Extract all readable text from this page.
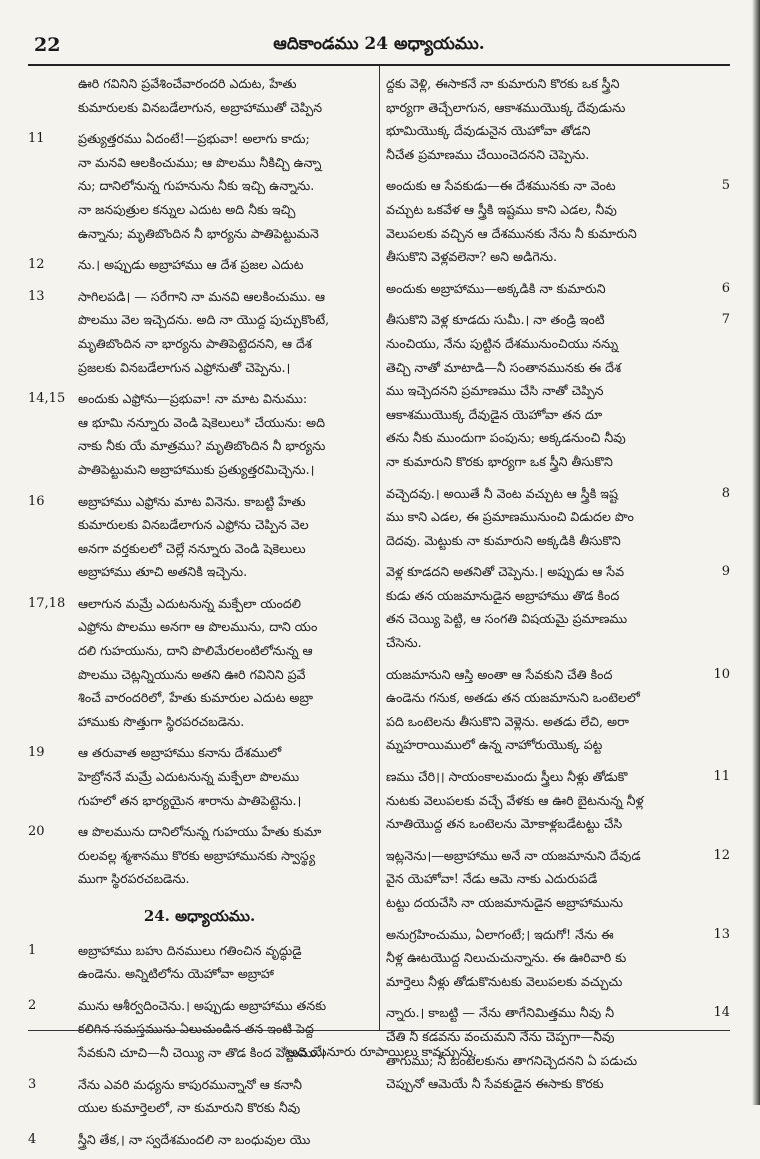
22	ఆదికాండము 24 అధ్యాయము.
ఊరి గవినిని ప్రవేశించేవారందరి ఎదుట, హేతు
కుమారులకు వినబడేలాగున, అబ్రాహాముతో చెప్పిన
11	ప్రత్యుత్తరము ఏదంటే!—ప్రభువా! అలాగు కాదు;
నా మనవి ఆలకించుము; ఆ పొలము నీకిచ్చి ఉన్నా
ను; దానిలోనున్న గుహనును నీకు ఇచ్చి ఉన్నాను.
నా జనపుత్రుల కన్నుల ఎదుట అది నీకు ఇచ్చి
ఉన్నాను; మృతిబొందిన నీ భార్యను పాతిపెట్టుమనె
12	ను.। అప్పుడు అబ్రాహాము ఆ దేశ ప్రజల ఎదుట
13	సాగిలపడి। — సరేగాని నా మనవి ఆలకించుము. ఆ
పొలము వెల ఇచ్చెదను. అది నా యొద్ద పుచ్చుకొంటే,
మృతిబొందిన నా భార్యను పాతిపెట్టెదనని, ఆ దేశ
ప్రజలకు వినబడేలాగున ఎఫ్రోనుతో చెప్పెను.।
14,15	అందుకు ఎఫ్రోను—ప్రభువా! నా మాట వినుము:
ఆ భూమి నన్నూరు వెండి షెకెలులు* చేయును: అది
నాకు నీకు యే మాత్రము? మృతిబొందిన నీ భార్యను
పాతిపెట్టుమని అబ్రాహాముకు ప్రత్యుత్తరమిచ్చెను.।
16	అబ్రాహాము ఎఫ్రోను మాట వినెను. కాబట్టి హేతు
కుమారులకు వినబడేలాగున ఎఫ్రోను చెప్పిన వెల
అనగా వర్తకులలో చెల్లే నన్నూరు వెండి షెకెలులు
అబ్రాహాము తూచి అతనికి ఇచ్చెను.
17,18	ఆలాగున మమ్రే ఎదుటనున్న మక్పేలా యందలి
ఎఫ్రోను పొలము అనగా ఆ పొలమును, దాని యం
దలి గుహయును, దాని పొలిమేరలంటిలోనున్న ఆ
పొలము చెట్లన్నియును అతని ఊరి గవినిని ప్రవే
శించే వారందరిలో, హేతు కుమారుల ఎదుట అబ్రా
హాముకు సొత్తుగా స్థిరపరచబడెను.
19	ఆ తరువాత అబ్రాహాము కనాను దేశములో
హెబ్రోననే మమ్రే ఎదుటనున్న మక్పేలా పొలము
గుహలో తన భార్యయైన శారాను పాతిపెట్టెను.।
20	ఆ పొలమును దానిలోనున్న గుహయు హేతు కుమా
రులవల్ల శ్మశానము కొరకు అబ్రాహామునకు స్వాస్థ్య
ముగా స్థిరపరచబడెను.
24. అధ్యాయము.
1	అబ్రాహాము బహు దినములు గతించిన వృద్ధుడై
ఉండెను. అన్నిటిలోను యెహోవా అబ్రాహా
2	మును ఆశీర్వదించెను.। అప్పుడు అబ్రాహాము తనకు
కలిగిన సమస్తమును ఏలుచుండిన తన ఇంటి పెద్ద
సేవకుని చూచి—నీ చెయ్యి నా తొడ కింద పెట్టుము.।
3	నేను ఎవరి మధ్యను కాపురమున్నానో ఆ కనానీ
యుల కుమార్తెలలో, నా కుమారుని కొరకు నీవు
4	స్త్రీని తేక,। నా స్వదేశమందలి నా బంధువుల యొ
ద్దకు వెళ్లి, ఈసాకనే నా కుమారుని కొరకు ఒక స్త్రీని
భార్యగా తెచ్చేలాగున, ఆకాశముయొక్క దేవుడును
భూమియొక్క దేవుడునైన యెహోవా తోడని
నీచేత ప్రమాణము చేయించెదనని చెప్పెను.
5
అందుకు ఆ సేవకుడు—ఈ దేశమునకు నా వెంట
వచ్చుట ఒకవేళ ఆ స్త్రీకి ఇష్టము కాని ఎడల, నీవు
వెలుపలకు వచ్చిన ఆ దేశమునకు నేను నీ కుమారుని
తీసుకొని వెళ్లవలెనా? అని అడిగెను.
6
అందుకు అబ్రాహాము—అక్కడికి నా కుమారుని
7
తీసుకొని వెళ్ల కూడదు సుమీ.। నా తండ్రి ఇంటి
నుంచియు, నేను పుట్టిన దేశమునుంచియు నన్ను
తెచ్చి నాతో మాటాడి—నీ సంతానమునకు ఈ దేశ
ము ఇచ్చెదనని ప్రమాణము చేసి నాతో చెప్పిన
ఆకాశముయొక్క దేవుడైన యెహోవా తన దూ
తను నీకు ముందుగా పంపును; అక్కడనుంచి నీవు
నా కుమారుని కొరకు భార్యగా ఒక స్త్రీని తీసుకొని
8
వచ్చెదవు.। అయితే నీ వెంట వచ్చుట ఆ స్త్రీకి ఇష్ట
ము కాని ఎడల, ఈ ప్రమాణమునుంచి విడుదల పొం
దెదవు. మెట్టుకు నా కుమారుని అక్కడికి తీసుకొని
9
వెళ్ల కూడదని అతనితో చెప్పెను.। అప్పుడు ఆ సేవ
కుడు తన యజమానుడైన అబ్రాహాము తొడ కింద
తన చెయ్యి పెట్టి, ఆ సంగతి విషయమై ప్రమాణము
చేసెను.
10
యజమానుని ఆస్తి అంతా ఆ సేవకుని చేతి కింద
ఉండెను గనుక, అతడు తన యజమానుని ఒంటెలలో
పది ఒంటెలను తీసుకొని వెళ్లెను. అతడు లేచి, అరా
మ్నహరాయిములో ఉన్న నాహోరుయొక్క పట్ట
11
ణము చేరి।। సాయంకాలమందు స్త్రీలు నీళ్లు తోడుకొ
నుటకు వెలుపలకు వచ్చే వేళకు ఆ ఊరి బైటనున్న నీళ్ల
నూతియొద్ద తన ఒంటెలను మోకాళ్లబడేటట్టు చేసి
12
ఇట్లనెను।—అబ్రాహాము అనే నా యజమానుని దేవుడ
వైన యెహోవా! నేడు ఆమె నాకు ఎదురుపడే
టట్టు దయచేసి నా యజమానుడైన అబ్రాహామును
13
అనుగ్రహించుము, ఏలాగంటే;। ఇదుగో! నేను ఈ
నీళ్ల ఊటయొద్ద నిలుచుచున్నాను. ఈ ఊరివారి కు
మార్తెలు నీళ్లు తోడుకొనుటకు వెలుపలకు వచ్చుచు
14
న్నారు.। కాబట్టి — నేను తాగేనిమిత్తము నీవు నీ
చేతి నీ కడవను వంచుమని నేను చెప్పగా—నీవు
తాగుము; నీ ఒంటెలకును తాగనిచ్చెదనని ఏ పడుచు
చెప్పునో ఆమెయే నీ సేవకుడైన ఈసాకు కొరకు
*అది యేనూరు రూపాయిలు కావచ్చును.
